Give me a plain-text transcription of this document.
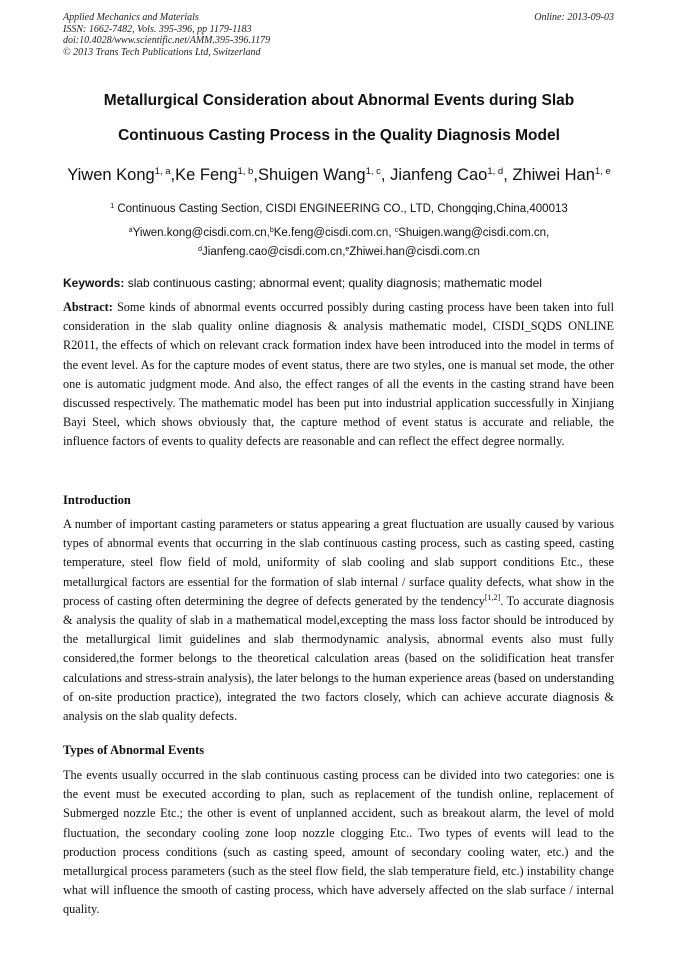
Applied Mechanics and Materials
ISSN: 1662-7482, Vols. 395-396, pp 1179-1183
doi:10.4028/www.scientific.net/AMM.395-396.1179
© 2013 Trans Tech Publications Ltd, Switzerland
Online: 2013-09-03
Metallurgical Consideration about Abnormal Events during Slab
Continuous Casting Process in the Quality Diagnosis Model
Yiwen Kong$^{1, a}$,Ke Feng$^{1, b}$,Shuigen Wang$^{1, c}$, Jianfeng Cao$^{1, d}$, Zhiwei Han$^{1, e}$
$^1$ Continuous Casting Section, CISDI ENGINEERING CO., LTD, Chongqing,China,400013
$^a$Yiwen.kong@cisdi.com.cn,$^b$Ke.feng@cisdi.com.cn, $^c$Shuigen.wang@cisdi.com.cn,
$^d$Jianfeng.cao@cisdi.com.cn,$^e$Zhiwei.han@cisdi.com.cn
Keywords: slab continuous casting; abnormal event; quality diagnosis; mathematic model
Abstract: Some kinds of abnormal events occurred possibly during casting process have been taken into full consideration in the slab quality online diagnosis & analysis mathematic model, CISDI_SQDS ONLINE R2011, the effects of which on relevant crack formation index have been introduced into the model in terms of the event level. As for the capture modes of event status, there are two styles, one is manual set mode, the other one is automatic judgment mode. And also, the effect ranges of all the events in the casting strand have been discussed respectively. The mathematic model has been put into industrial application successfully in Xinjiang Bayi Steel, which shows obviously that, the capture method of event status is accurate and reliable, the influence factors of events to quality defects are reasonable and can reflect the effect degree normally.
Introduction
A number of important casting parameters or status appearing a great fluctuation are usually caused by various types of abnormal events that occurring in the slab continuous casting process, such as casting speed, casting temperature, steel flow field of mold, uniformity of slab cooling and slab support conditions Etc., these metallurgical factors are essential for the formation of slab internal / surface quality defects, what show in the process of casting often determining the degree of defects generated by the tendency[1,2]. To accurate diagnosis & analysis the quality of slab in a mathematical model,excepting the mass loss factor should be introduced by the metallurgical limit guidelines and slab thermodynamic analysis, abnormal events also must fully considered,the former belongs to the theoretical calculation areas (based on the solidification heat transfer calculations and stress-strain analysis), the later belongs to the human experience areas (based on understanding of on-site production practice), integrated the two factors closely, which can achieve accurate diagnosis & analysis on the slab quality defects.
Types of Abnormal Events
The events usually occurred in the slab continuous casting process can be divided into two categories: one is the event must be executed according to plan, such as replacement of the tundish online, replacement of Submerged nozzle Etc.; the other is event of unplanned accident, such as breakout alarm, the level of mold fluctuation, the secondary cooling zone loop nozzle clogging Etc.. Two types of events will lead to the production process conditions (such as casting speed, amount of secondary cooling water, etc.) and the metallurgical process parameters (such as the steel flow field, the slab temperature field, etc.) instability change what will influence the smooth of casting process, which have adversely affected on the slab surface / internal quality.
